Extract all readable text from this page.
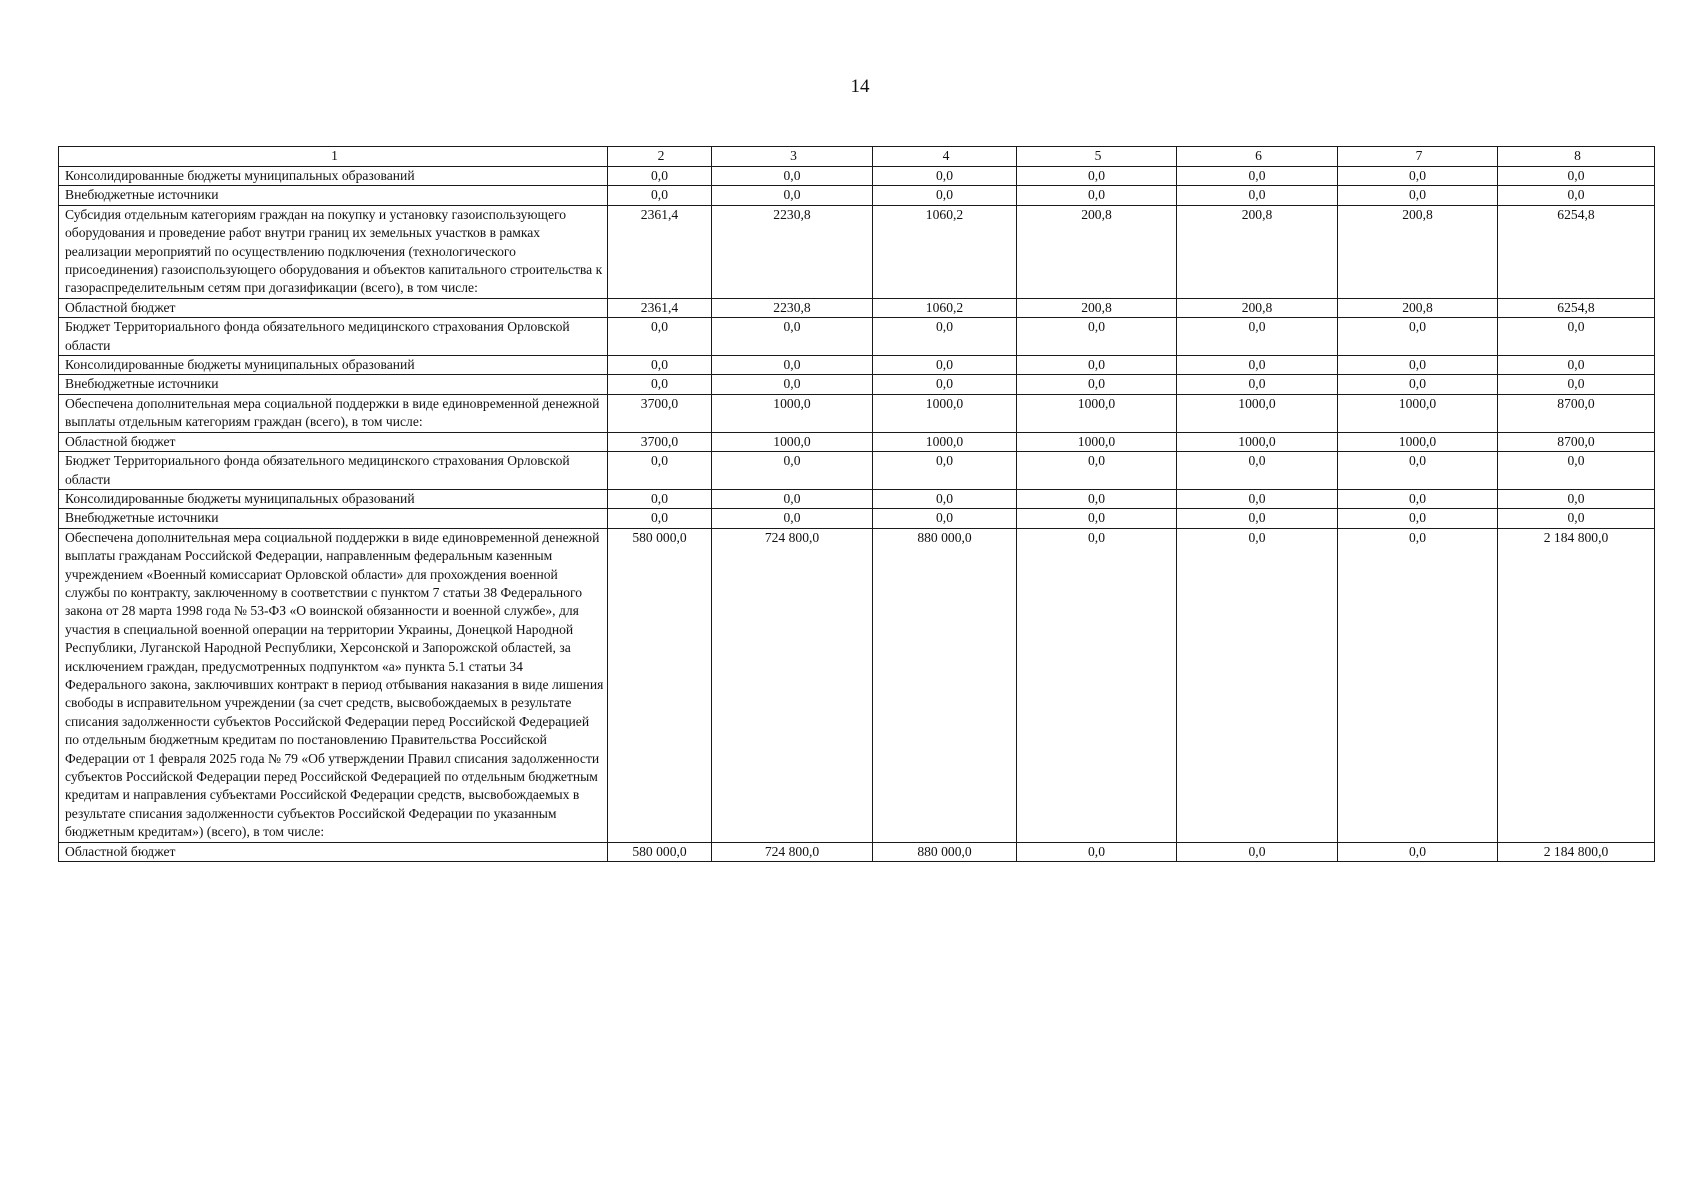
14
1	2	3	4	5	6	7	8
Консолидированные бюджеты муниципальных образований	0,0	0,0	0,0	0,0	0,0	0,0	0,0
Внебюджетные источники	0,0	0,0	0,0	0,0	0,0	0,0	0,0
Субсидия отдельным категориям граждан на покупку и установку газоиспользующего оборудования и проведение работ внутри границ их земельных участков в рамках реализации мероприятий по осуществлению подключения (технологического присоединения) газоиспользующего оборудования и объектов капитального строительства к газораспределительным сетям при догазификации (всего), в том числе:	2361,4	2230,8	1060,2	200,8	200,8	200,8	6254,8
Областной бюджет	2361,4	2230,8	1060,2	200,8	200,8	200,8	6254,8
Бюджет Территориального фонда обязательного медицинского страхования Орловской области	0,0	0,0	0,0	0,0	0,0	0,0	0,0
Консолидированные бюджеты муниципальных образований	0,0	0,0	0,0	0,0	0,0	0,0	0,0
Внебюджетные источники	0,0	0,0	0,0	0,0	0,0	0,0	0,0
Обеспечена дополнительная мера социальной поддержки в виде единовременной денежной выплаты отдельным категориям граждан (всего), в том числе:	3700,0	1000,0	1000,0	1000,0	1000,0	1000,0	8700,0
Областной бюджет	3700,0	1000,0	1000,0	1000,0	1000,0	1000,0	8700,0
Бюджет Территориального фонда обязательного медицинского страхования Орловской области	0,0	0,0	0,0	0,0	0,0	0,0	0,0
Консолидированные бюджеты муниципальных образований	0,0	0,0	0,0	0,0	0,0	0,0	0,0
Внебюджетные источники	0,0	0,0	0,0	0,0	0,0	0,0	0,0
Обеспечена дополнительная мера социальной поддержки в виде единовременной денежной выплаты гражданам Российской Федерации, направленным федеральным казенным учреждением «Военный комиссариат Орловской области» для прохождения военной службы по контракту, заключенному в соответствии с пунктом 7 статьи 38 Федерального закона от 28 марта 1998 года № 53-ФЗ «О воинской обязанности и военной службе», для участия в специальной военной операции на территории Украины, Донецкой Народной Республики, Луганской Народной Республики, Херсонской и Запорожской областей, за исключением граждан, предусмотренных подпунктом «а» пункта 5.1 статьи 34 Федерального закона, заключивших контракт в период отбывания наказания в виде лишения свободы в исправительном учреждении (за счет средств, высвобождаемых в результате списания задолженности субъектов Российской Федерации перед Российской Федерацией по отдельным бюджетным кредитам по постановлению Правительства Российской Федерации от 1 февраля 2025 года № 79 «Об утверждении Правил списания задолженности субъектов Российской Федерации перед Российской Федерацией по отдельным бюджетным кредитам и направления субъектами Российской Федерации средств, высвобождаемых в результате списания задолженности субъектов Российской Федерации по указанным бюджетным кредитам») (всего), в том числе:	580 000,0	724 800,0	880 000,0	0,0	0,0	0,0	2 184 800,0
Областной бюджет	580 000,0	724 800,0	880 000,0	0,0	0,0	0,0	2 184 800,0
